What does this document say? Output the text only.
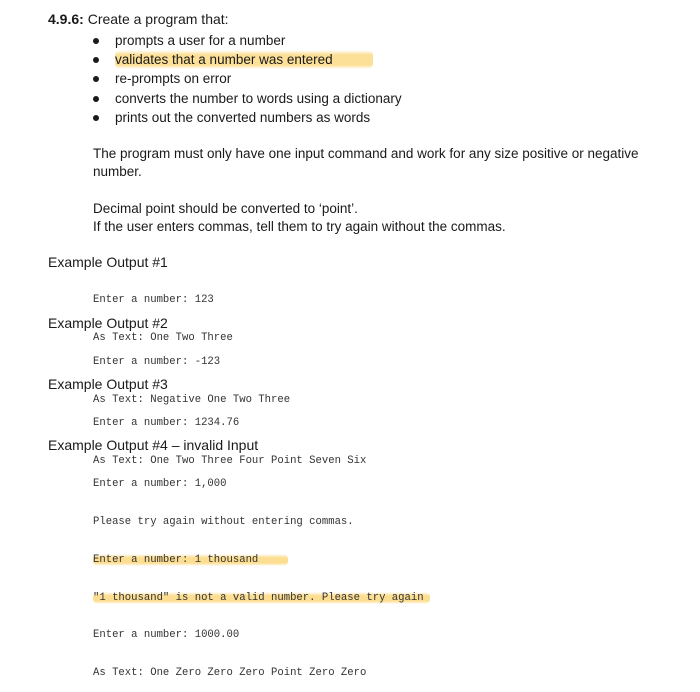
4.9.6: Create a program that:
prompts a user for a number
validates that a number was entered
re-prompts on error
converts the number to words using a dictionary
prints out the converted numbers as words
The program must only have one input command and work for any size positive or negative number.
Decimal point should be converted to ‘point’.
If the user enters commas, tell them to try again without the commas.
Example Output #1

Enter a number: 123

As Text: One Two Three

Example Output #2

Enter a number: -123

As Text: Negative One Two Three

Example Output #3

Enter a number: 1234.76

As Text: One Two Three Four Point Seven Six

Example Output #4 – invalid Input

Enter a number: 1,000

Please try again without entering commas.

Enter a number: 1 thousand

"1 thousand" is not a valid number. Please try again

Enter a number: 1000.00

As Text: One Zero Zero Zero Point Zero Zero
